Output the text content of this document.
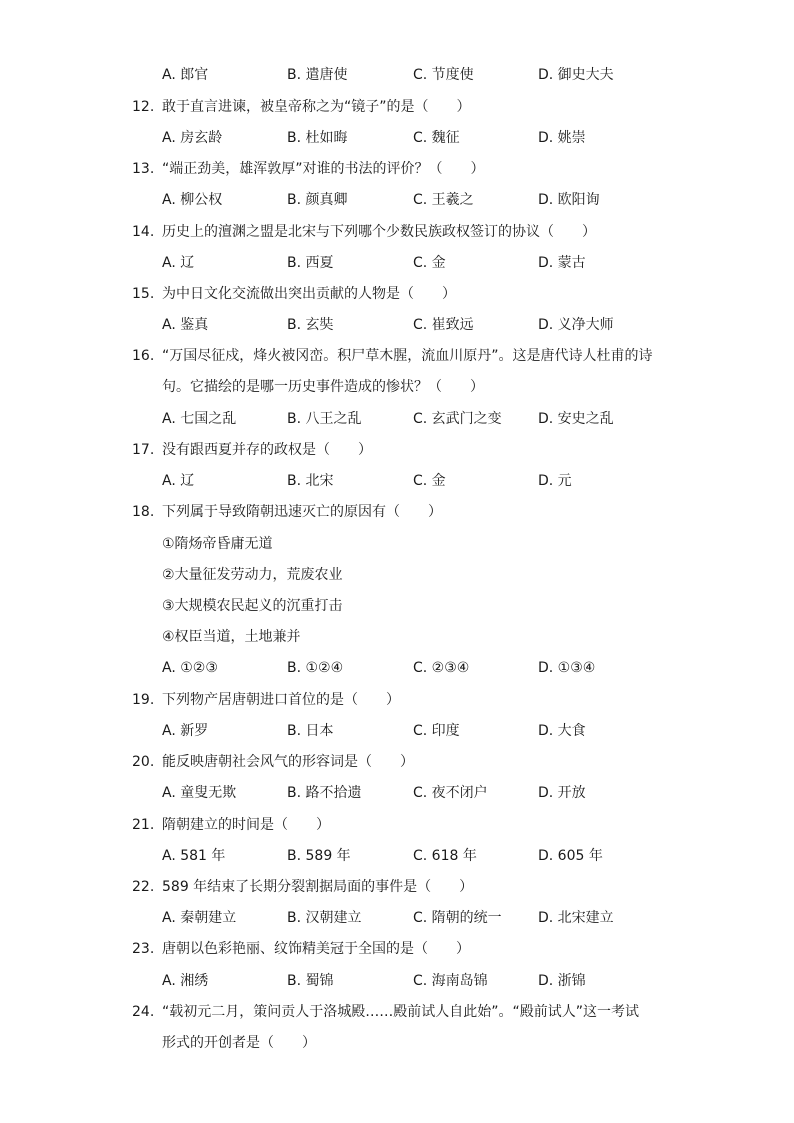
A. 郎官	B. 遣唐使	C. 节度使	D. 御史大夫
12. 敢于直言进谏，被皇帝称之为“镜子”的是（　　）
A. 房玄龄	B. 杜如晦	C. 魏征	D. 姚崇
13. “端正劲美，雄浑敦厚”对谁的书法的评价？（　　）
A. 柳公权	B. 颜真卿	C. 王羲之	D. 欧阳询
14. 历史上的澶渊之盟是北宋与下列哪个少数民族政权签订的协议（　　）
A. 辽	B. 西夏	C. 金	D. 蒙古
15. 为中日文化交流做出突出贡献的人物是（　　）
A. 鉴真	B. 玄奘	C. 崔致远	D. 义净大师
16. “万国尽征戍，烽火被冈峦。积尸草木腥，流血川原丹”。这是唐代诗人杜甫的诗
句。它描绘的是哪一历史事件造成的惨状？（　　）
A. 七国之乱	B. 八王之乱	C. 玄武门之变	D. 安史之乱
17. 没有跟西夏并存的政权是（　　）
A. 辽	B. 北宋	C. 金	D. 元
18. 下列属于导致隋朝迅速灭亡的原因有（　　）
①隋炀帝昏庸无道
②大量征发劳动力，荒废农业
③大规模农民起义的沉重打击
④权臣当道，土地兼并
A. ①②③	B. ①②④	C. ②③④	D. ①③④
19. 下列物产居唐朝进口首位的是（　　）
A. 新罗	B. 日本	C. 印度	D. 大食
20. 能反映唐朝社会风气的形容词是（　　）
A. 童叟无欺	B. 路不拾遗	C. 夜不闭户	D. 开放
21. 隋朝建立的时间是（　　）
A. 581 年	B. 589 年	C. 618 年	D. 605 年
22. 589 年结束了长期分裂割据局面的事件是（　　）
A. 秦朝建立	B. 汉朝建立	C. 隋朝的统一	D. 北宋建立
23. 唐朝以色彩艳丽、纹饰精美冠于全国的是（　　）
A. 湘绣	B. 蜀锦	C. 海南岛锦	D. 浙锦
24. “载初元二月，策问贡人于洛城殿……殿前试人自此始”。“殿前试人”这一考试
形式的开创者是（　　）
